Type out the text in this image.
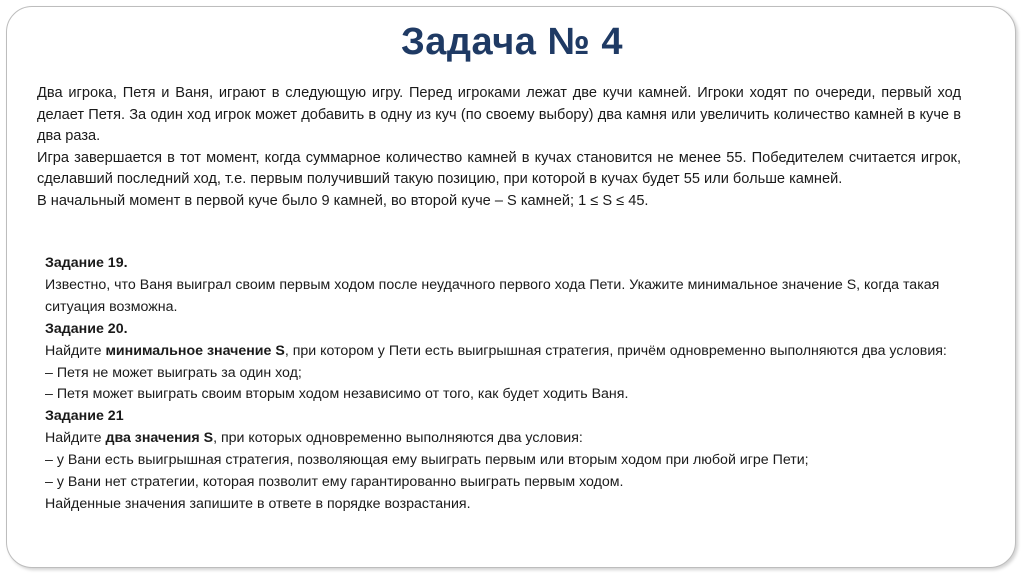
Задача № 4

Два игрока, Петя и Ваня, играют в следующую игру. Перед игроками лежат две кучи камней. Игроки ходят по очереди, первый ход делает Петя. За один ход игрок может добавить в одну из куч (по своему выбору) два камня или увеличить количество камней в куче в два раза.

Игра завершается в тот момент, когда суммарное количество камней в кучах становится не менее 55. Победителем считается игрок, сделавший последний ход, т.е. первым получивший такую позицию, при которой в кучах будет 55 или больше камней.

В начальный момент в первой куче было 9 камней, во второй куче – S камней; 1 ≤ S ≤ 45.

Задание 19.

Известно, что Ваня выиграл своим первым ходом после неудачного первого хода Пети. Укажите минимальное значение S, когда такая ситуация возможна.

Задание 20.

Найдите минимальное значение S, при котором у Пети есть выигрышная стратегия, причём одновременно выполняются два условия:

– Петя не может выиграть за один ход;

– Петя может выиграть своим вторым ходом независимо от того, как будет ходить Ваня.

Задание 21

Найдите два значения S, при которых одновременно выполняются два условия:

– у Вани есть выигрышная стратегия, позволяющая ему выиграть первым или вторым ходом при любой игре Пети;

– у Вани нет стратегии, которая позволит ему гарантированно выиграть первым ходом.

Найденные значения запишите в ответе в порядке возрастания.
